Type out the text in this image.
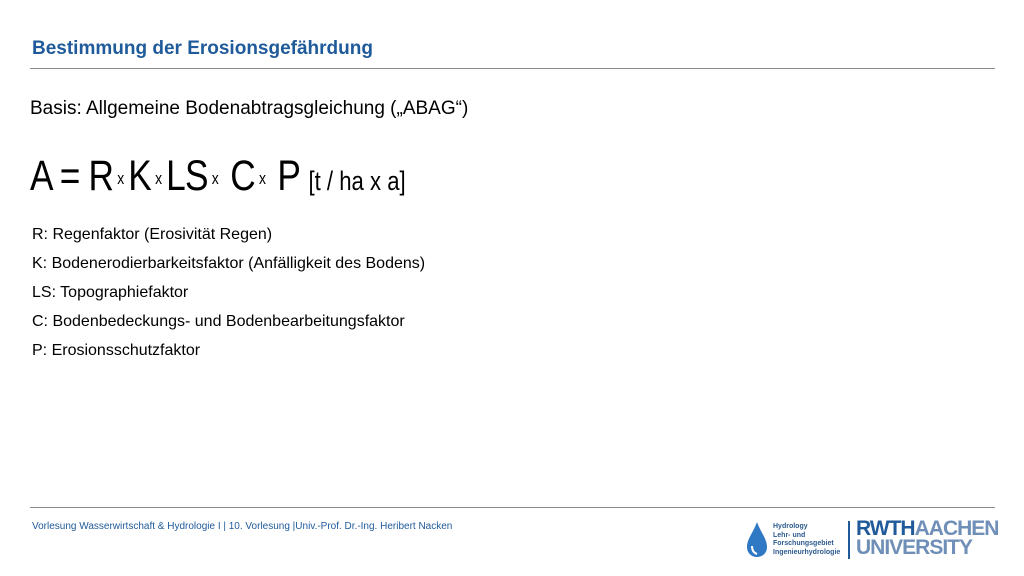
Bestimmung der Erosionsgefährdung
Basis: Allgemeine Bodenabtragsgleichung („ABAG“)
A = R xK xLS x C x P [t / ha x a]
R: Regenfaktor (Erosivität Regen)
K: Bodenerodierbarkeitsfaktor (Anfälligkeit des Bodens)
LS: Topographiefaktor
C: Bodenbedeckungs- und Bodenbearbeitungsfaktor
P: Erosionsschutzfaktor
Vorlesung Wasserwirtschaft & Hydrologie I | 10. Vorlesung |Univ.-Prof. Dr.-Ing. Heribert Nacken	Hydrology
Lehr- und
Forschungsgebiet
Ingenieurhydrologie
RWTHAACHEN
UNIVERSITY
